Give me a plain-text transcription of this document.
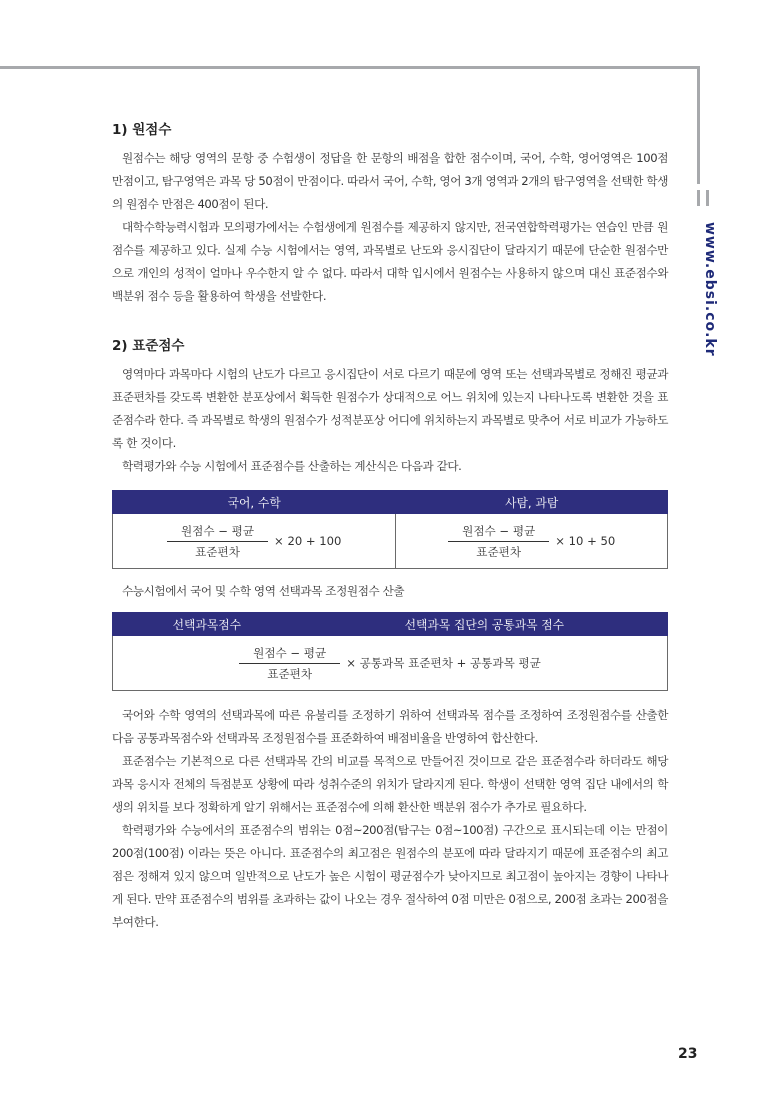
www.ebsi.co.kr
1) 원점수

원점수는 해당 영역의 문항 중 수험생이 정답을 한 문항의 배점을 합한 점수이며, 국어, 수학, 영어영역은 100점 만점이고, 탐구영역은 과목 당 50점이 만점이다. 따라서 국어, 수학, 영어 3개 영역과 2개의 탐구영역을 선택한 학생의 원점수 만점은 400점이 된다.

대학수학능력시험과 모의평가에서는 수험생에게 원점수를 제공하지 않지만, 전국연합학력평가는 연습인 만큼 원점수를 제공하고 있다. 실제 수능 시험에서는 영역, 과목별로 난도와 응시집단이 달라지기 때문에 단순한 원점수만으로 개인의 성적이 얼마나 우수한지 알 수 없다. 따라서 대학 입시에서 원점수는 사용하지 않으며 대신 표준점수와 백분위 점수 등을 활용하여 학생을 선발한다.

2) 표준점수

영역마다 과목마다 시험의 난도가 다르고 응시집단이 서로 다르기 때문에 영역 또는 선택과목별로 정해진 평균과 표준편차를 갖도록 변환한 분포상에서 획득한 원점수가 상대적으로 어느 위치에 있는지 나타나도록 변환한 것을 표준점수라 한다. 즉 과목별로 학생의 원점수가 성적분포상 어디에 위치하는지 과목별로 맞추어 서로 비교가 가능하도록 한 것이다.

학력평가와 수능 시험에서 표준점수를 산출하는 계산식은 다음과 같다.

국어, 수학	사탐, 과탐

$\frac{\text{원점수 − 평균}}{\text{표준편차}} \times 20 + 100$	$\frac{\text{원점수 − 평균}}{\text{표준편차}} \times 10 + 50$
수능시험에서 국어 및 수학 영역 선택과목 조정원점수 산출
선택과목점수	선택과목 집단의 공통과목 점수

$\frac{\text{원점수 − 평균}}{\text{표준편차}}$ × 공통과목 표준편차 + 공통과목 평균

국어와 수학 영역의 선택과목에 따른 유불리를 조정하기 위하여 선택과목 점수를 조정하여 조정원점수를 산출한 다음 공통과목점수와 선택과목 조정원점수를 표준화하여 배점비율을 반영하여 합산한다.

표준점수는 기본적으로 다른 선택과목 간의 비교를 목적으로 만들어진 것이므로 같은 표준점수라 하더라도 해당 과목 응시자 전체의 득점분포 상황에 따라 성취수준의 위치가 달라지게 된다. 학생이 선택한 영역 집단 내에서의 학생의 위치를 보다 정확하게 알기 위해서는 표준점수에 의해 환산한 백분위 점수가 추가로 필요하다.

학력평가와 수능에서의 표준점수의 범위는 0점~200점(탐구는 0점~100점) 구간으로 표시되는데 이는 만점이 200점(100점) 이라는 뜻은 아니다. 표준점수의 최고점은 원점수의 분포에 따라 달라지기 때문에 표준점수의 최고점은 정해져 있지 않으며 일반적으로 난도가 높은 시험이 평균점수가 낮아지므로 최고점이 높아지는 경향이 나타나게 된다. 만약 표준점수의 범위를 초과하는 값이 나오는 경우 절삭하여 0점 미만은 0점으로, 200점 초과는 200점을 부여한다.

23
